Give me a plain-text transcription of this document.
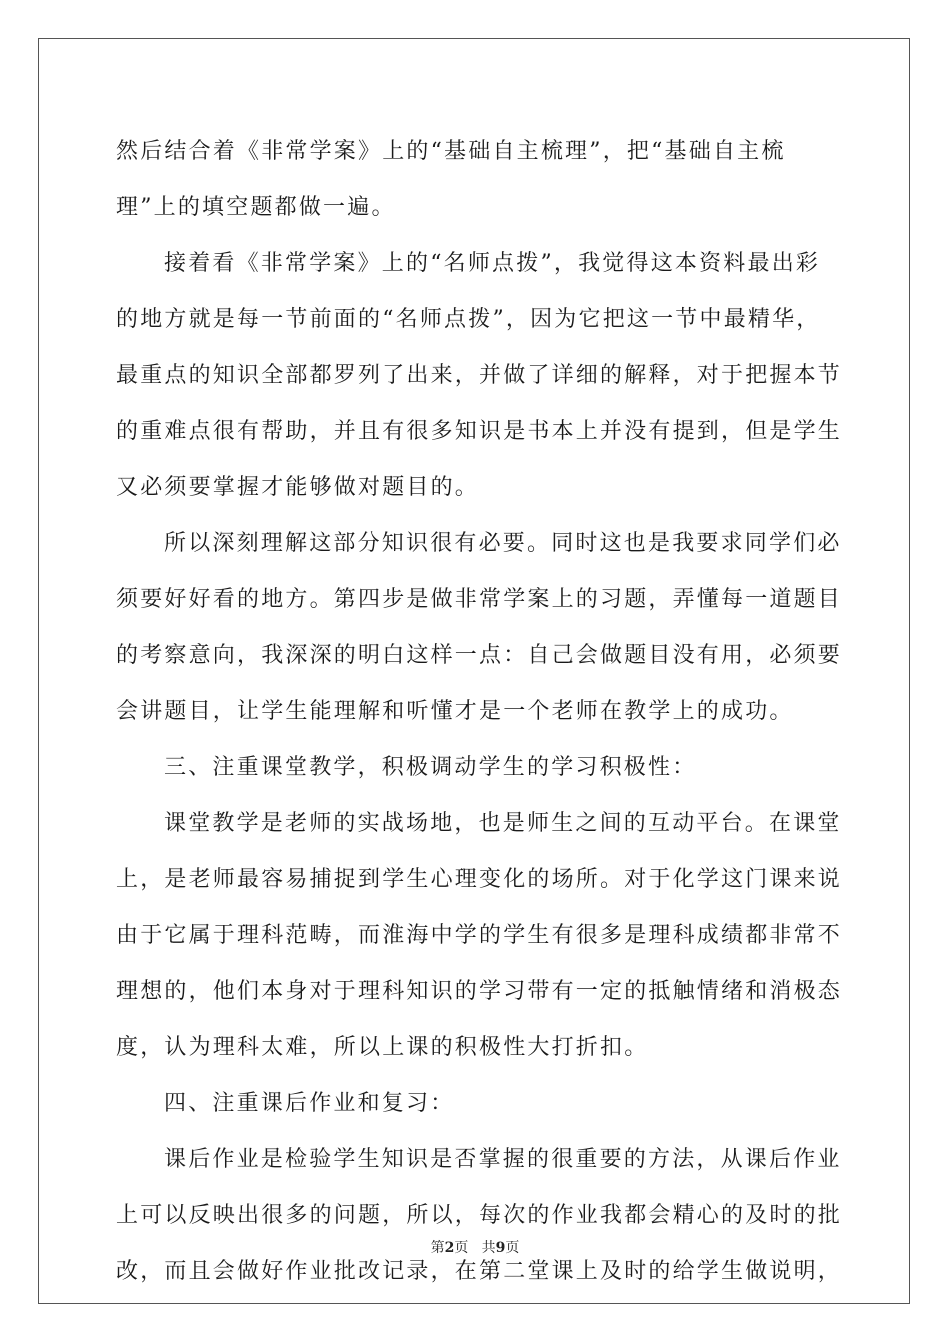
然后结合着《非常学案》上的“基础自主梳理”，把“基础自主梳
理”上的填空题都做一遍。
接着看《非常学案》上的“名师点拨”，我觉得这本资料最出彩
的地方就是每一节前面的“名师点拨”，因为它把这一节中最精华，
最重点的知识全部都罗列了出来，并做了详细的解释，对于把握本节
的重难点很有帮助，并且有很多知识是书本上并没有提到，但是学生
又必须要掌握才能够做对题目的。
所以深刻理解这部分知识很有必要。同时这也是我要求同学们必
须要好好看的地方。第四步是做非常学案上的习题，弄懂每一道题目
的考察意向，我深深的明白这样一点：自己会做题目没有用，必须要
会讲题目，让学生能理解和听懂才是一个老师在教学上的成功。
三、注重课堂教学，积极调动学生的学习积极性：
课堂教学是老师的实战场地，也是师生之间的互动平台。在课堂
上，是老师最容易捕捉到学生心理变化的场所。对于化学这门课来说
由于它属于理科范畴，而淮海中学的学生有很多是理科成绩都非常不
理想的，他们本身对于理科知识的学习带有一定的抵触情绪和消极态
度，认为理科太难，所以上课的积极性大打折扣。
四、注重课后作业和复习：
课后作业是检验学生知识是否掌握的很重要的方法，从课后作业
上可以反映出很多的问题，所以，每次的作业我都会精心的及时的批
改，而且会做好作业批改记录，在第二堂课上及时的给学生做说明，
第2页 共9页
